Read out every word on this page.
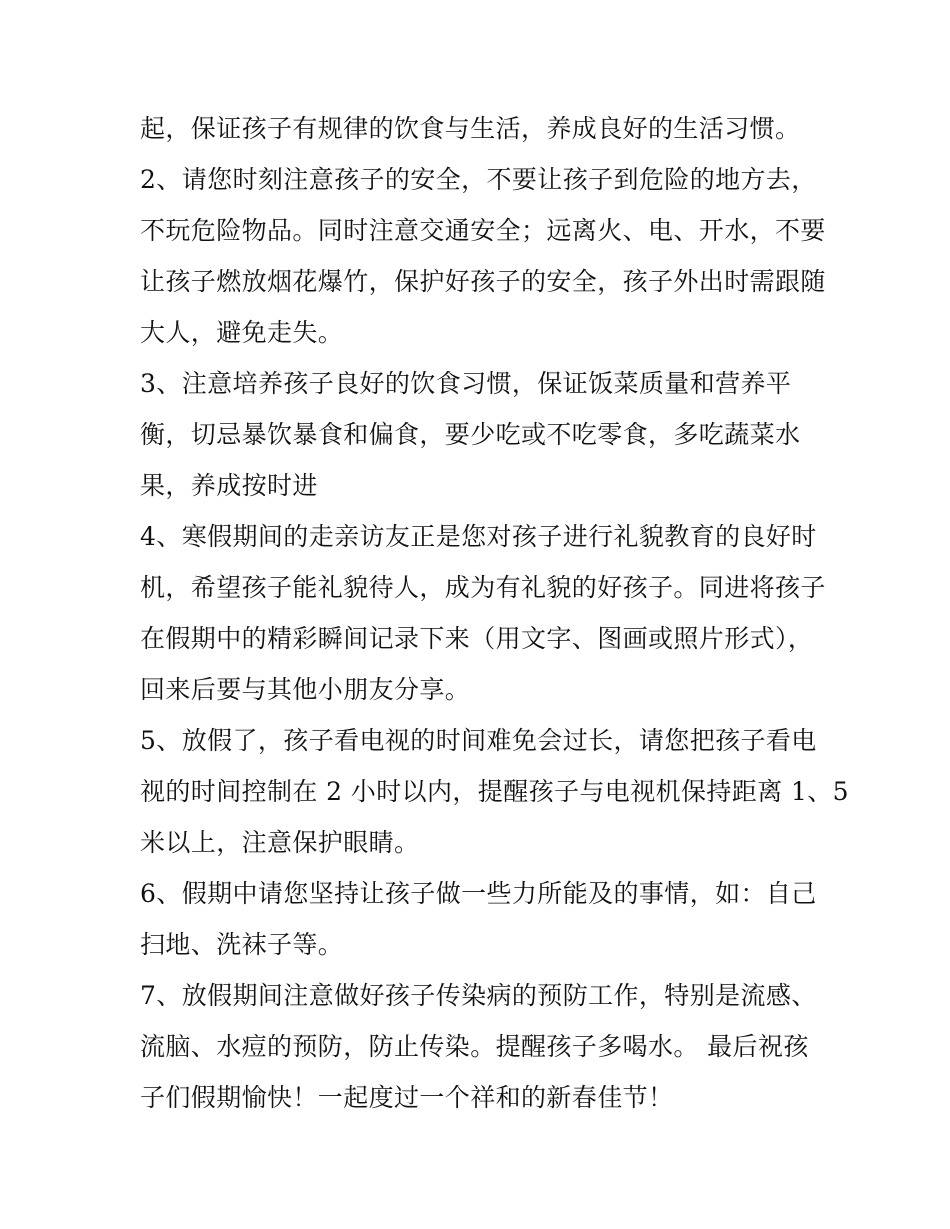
起，保证孩子有规律的饮食与生活，养成良好的生活习惯。
2、请您时刻注意孩子的安全，不要让孩子到危险的地方去，
不玩危险物品。同时注意交通安全；远离火、电、开水，不要
让孩子燃放烟花爆竹，保护好孩子的安全，孩子外出时需跟随
大人，避免走失。
3、注意培养孩子良好的饮食习惯，保证饭菜质量和营养平
衡，切忌暴饮暴食和偏食，要少吃或不吃零食，多吃蔬菜水
果，养成按时进
4、寒假期间的走亲访友正是您对孩子进行礼貌教育的良好时
机，希望孩子能礼貌待人，成为有礼貌的好孩子。同进将孩子
在假期中的精彩瞬间记录下来（用文字、图画或照片形式），
回来后要与其他小朋友分享。
5、放假了，孩子看电视的时间难免会过长，请您把孩子看电
视的时间控制在 2 小时以内，提醒孩子与电视机保持距离 1、5
米以上，注意保护眼睛。
6、假期中请您坚持让孩子做一些力所能及的事情，如：自己
扫地、洗袜子等。
7、放假期间注意做好孩子传染病的预防工作，特别是流感、
流脑、水痘的预防，防止传染。提醒孩子多喝水。 最后祝孩
子们假期愉快！一起度过一个祥和的新春佳节！
